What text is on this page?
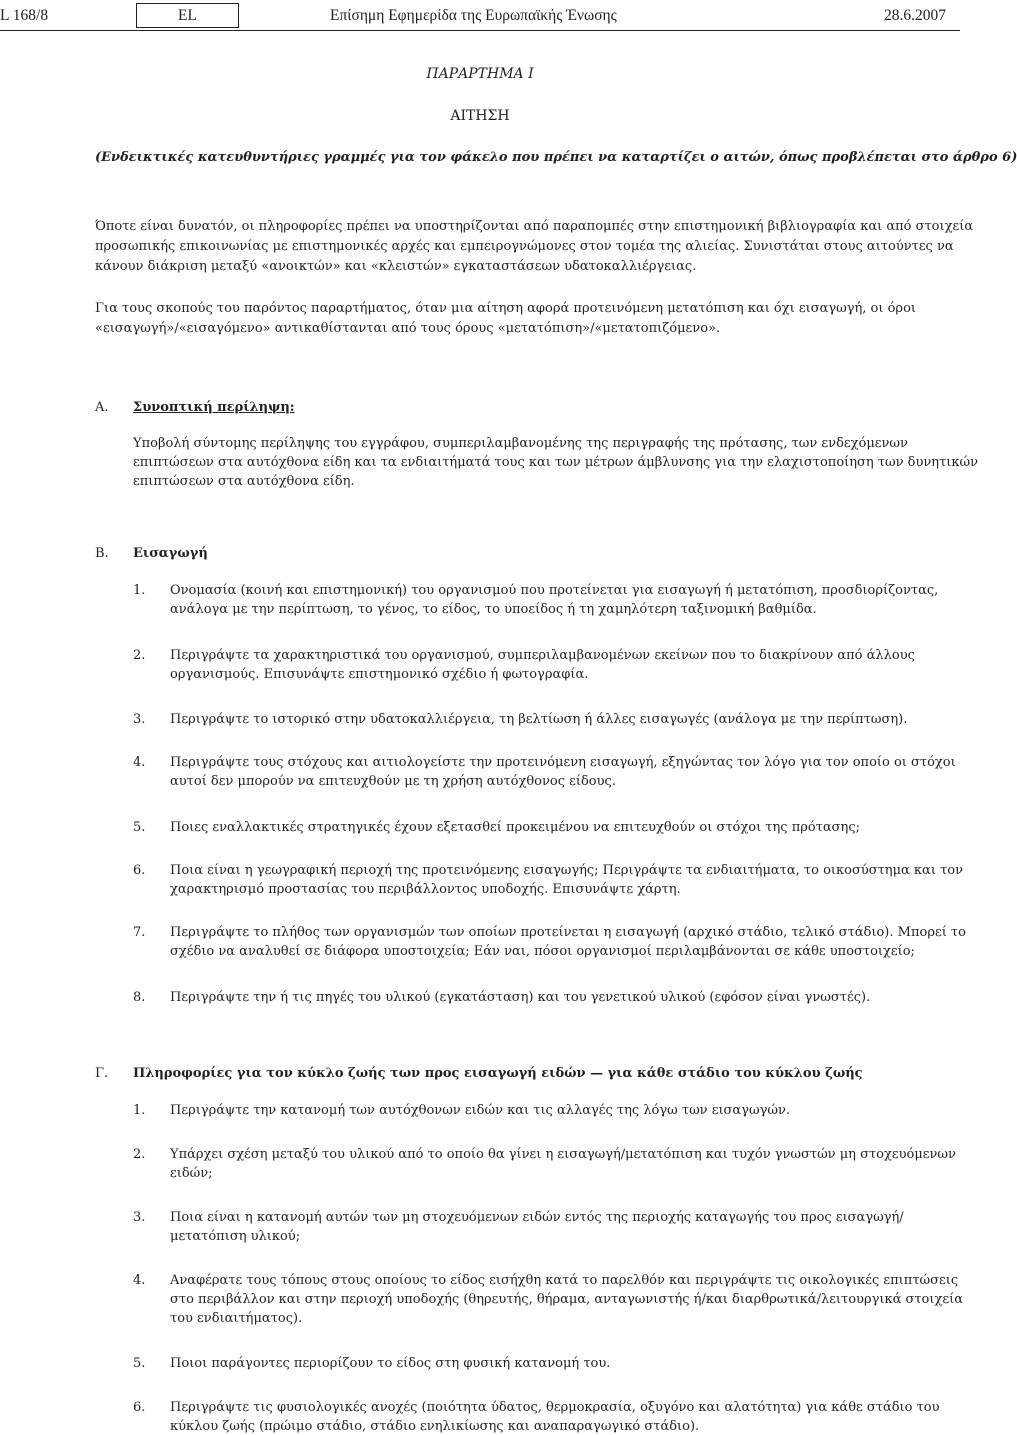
L 168/8	EL	Επίσημη Εφημερίδα της Ευρωπαϊκής Ένωσης	28.6.2007
ΠΑΡΑΡΤΗΜΑ I
ΑΙΤΗΣΗ
(Ενδεικτικές κατευθυντήριες γραμμές για τον φάκελο που πρέπει να καταρτίζει ο αιτών, όπως προβλέπεται στο άρθρο 6)
Όποτε είναι δυνατόν, οι πληροφορίες πρέπει να υποστηρίζονται από παραπομπές στην επιστημονική βιβλιογραφία και από στοιχεία
προσωπικής επικοινωνίας με επιστημονικές αρχές και εμπειρογνώμονες στον τομέα της αλιείας. Συνιστάται στους αιτούντες να
κάνουν διάκριση μεταξύ «ανοικτών» και «κλειστών» εγκαταστάσεων υδατοκαλλιέργειας.
Για τους σκοπούς του παρόντος παραρτήματος, όταν μια αίτηση αφορά προτεινόμενη μετατόπιση και όχι εισαγωγή, οι όροι
«εισαγωγή»/«εισαγόμενο» αντικαθίστανται από τους όρους «μετατόπιση»/«μετατοπιζόμενο».
Α. Συνοπτική περίληψη:
Υποβολή σύντομης περίληψης του εγγράφου, συμπεριλαμβανομένης της περιγραφής της πρότασης, των ενδεχόμενων
επιπτώσεων στα αυτόχθονα είδη και τα ενδιαιτήματά τους και των μέτρων άμβλυνσης για την ελαχιστοποίηση των δυνητικών
επιπτώσεων στα αυτόχθονα είδη.
Β. Εισαγωγή
1. Ονομασία (κοινή και επιστημονική) του οργανισμού που προτείνεται για εισαγωγή ή μετατόπιση, προσδιορίζοντας,
ανάλογα με την περίπτωση, το γένος, το είδος, το υποείδος ή τη χαμηλότερη ταξινομική βαθμίδα.
2. Περιγράψτε τα χαρακτηριστικά του οργανισμού, συμπεριλαμβανομένων εκείνων που το διακρίνουν από άλλους
οργανισμούς. Επισυνάψτε επιστημονικό σχέδιο ή φωτογραφία.
3. Περιγράψτε το ιστορικό στην υδατοκαλλιέργεια, τη βελτίωση ή άλλες εισαγωγές (ανάλογα με την περίπτωση).
4. Περιγράψτε τους στόχους και αιτιολογείστε την προτεινόμενη εισαγωγή, εξηγώντας τον λόγο για τον οποίο οι στόχοι
αυτοί δεν μπορούν να επιτευχθούν με τη χρήση αυτόχθονος είδους.
5. Ποιες εναλλακτικές στρατηγικές έχουν εξετασθεί προκειμένου να επιτευχθούν οι στόχοι της πρότασης;
6. Ποια είναι η γεωγραφική περιοχή της προτεινόμενης εισαγωγής; Περιγράψτε τα ενδιαιτήματα, το οικοσύστημα και τον
χαρακτηρισμό προστασίας του περιβάλλοντος υποδοχής. Επισυνάψτε χάρτη.
7. Περιγράψτε το πλήθος των οργανισμών των οποίων προτείνεται η εισαγωγή (αρχικό στάδιο, τελικό στάδιο). Μπορεί το
σχέδιο να αναλυθεί σε διάφορα υποστοιχεία; Εάν ναι, πόσοι οργανισμοί περιλαμβάνονται σε κάθε υποστοιχείο;
8. Περιγράψτε την ή τις πηγές του υλικού (εγκατάσταση) και του γενετικού υλικού (εφόσον είναι γνωστές).
Γ. Πληροφορίες για τον κύκλο ζωής των προς εισαγωγή ειδών — για κάθε στάδιο του κύκλου ζωής
1. Περιγράψτε την κατανομή των αυτόχθονων ειδών και τις αλλαγές της λόγω των εισαγωγών.
2. Υπάρχει σχέση μεταξύ του υλικού από το οποίο θα γίνει η εισαγωγή/μετατόπιση και τυχόν γνωστών μη στοχευόμενων
ειδών;
3. Ποια είναι η κατανομή αυτών των μη στοχευόμενων ειδών εντός της περιοχής καταγωγής του προς εισαγωγή/
μετατόπιση υλικού;
4. Αναφέρατε τους τόπους στους οποίους το είδος εισήχθη κατά το παρελθόν και περιγράψτε τις οικολογικές επιπτώσεις
στο περιβάλλον και στην περιοχή υποδοχής (θηρευτής, θήραμα, ανταγωνιστής ή/και διαρθρωτικά/λειτουργικά στοιχεία
του ενδιαιτήματος).
5. Ποιοι παράγοντες περιορίζουν το είδος στη φυσική κατανομή του.
6. Περιγράψτε τις φυσιολογικές ανοχές (ποιότητα ύδατος, θερμοκρασία, οξυγόνο και αλατότητα) για κάθε στάδιο του
κύκλου ζωής (πρώιμο στάδιο, στάδιο ενηλικίωσης και αναπαραγωγικό στάδιο).
